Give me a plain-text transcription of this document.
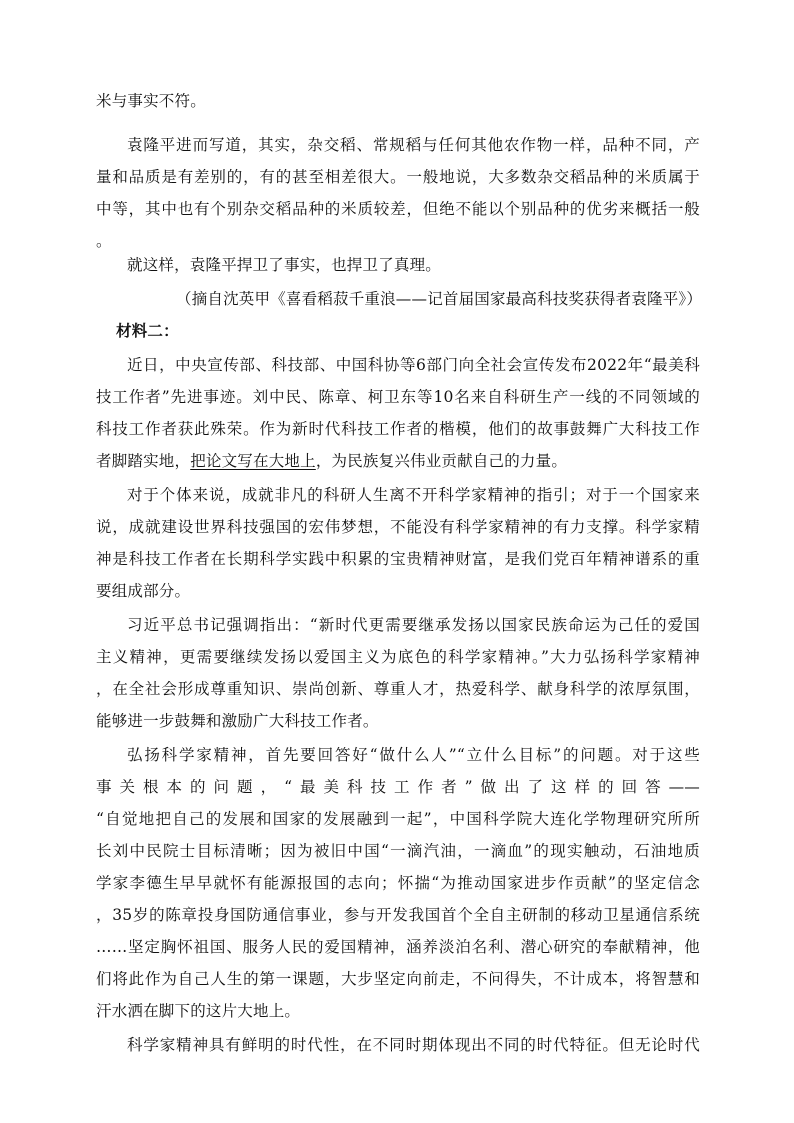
米与事实不符。
袁隆平进而写道，其实，杂交稻、常规稻与任何其他农作物一样，品种不同，产
量和品质是有差别的，有的甚至相差很大。一般地说，大多数杂交稻品种的米质属于
中等，其中也有个别杂交稻品种的米质较差，但绝不能以个别品种的优劣来概括一般
。
就这样，袁隆平捍卫了事实，也捍卫了真理。
（摘自沈英甲《喜看稻菽千重浪——记首届国家最高科技奖获得者袁隆平》）
材料二：
近日，中央宣传部、科技部、中国科协等6部门向全社会宣传发布2022年“最美科
技工作者”先进事迹。刘中民、陈章、柯卫东等10名来自科研生产一线的不同领域的
科技工作者获此殊荣。作为新时代科技工作者的楷模，他们的故事鼓舞广大科技工作
者脚踏实地，把论文写在大地上，为民族复兴伟业贡献自己的力量。
对于个体来说，成就非凡的科研人生离不开科学家精神的指引；对于一个国家来
说，成就建设世界科技强国的宏伟梦想，不能没有科学家精神的有力支撑。科学家精
神是科技工作者在长期科学实践中积累的宝贵精神财富，是我们党百年精神谱系的重
要组成部分。
习近平总书记强调指出：“新时代更需要继承发扬以国家民族命运为己任的爱国
主义精神，更需要继续发扬以爱国主义为底色的科学家精神。”大力弘扬科学家精神
，在全社会形成尊重知识、崇尚创新、尊重人才，热爱科学、献身科学的浓厚氛围，
能够进一步鼓舞和激励广大科技工作者。
弘扬科学家精神，首先要回答好“做什么人”“立什么目标”的问题。对于这些
事关根本的问题，“最美科技工作者”做出了这样的回答——
“自觉地把自己的发展和国家的发展融到一起”，中国科学院大连化学物理研究所所
长刘中民院士目标清晰；因为被旧中国“一滴汽油，一滴血”的现实触动，石油地质
学家李德生早早就怀有能源报国的志向；怀揣“为推动国家进步作贡献”的坚定信念
，35岁的陈章投身国防通信事业，参与开发我国首个全自主研制的移动卫星通信系统
……坚定胸怀祖国、服务人民的爱国精神，涵养淡泊名利、潜心研究的奉献精神，他
们将此作为自己人生的第一课题，大步坚定向前走，不问得失，不计成本，将智慧和
汗水洒在脚下的这片大地上。
科学家精神具有鲜明的时代性，在不同时期体现出不同的时代特征。但无论时代
